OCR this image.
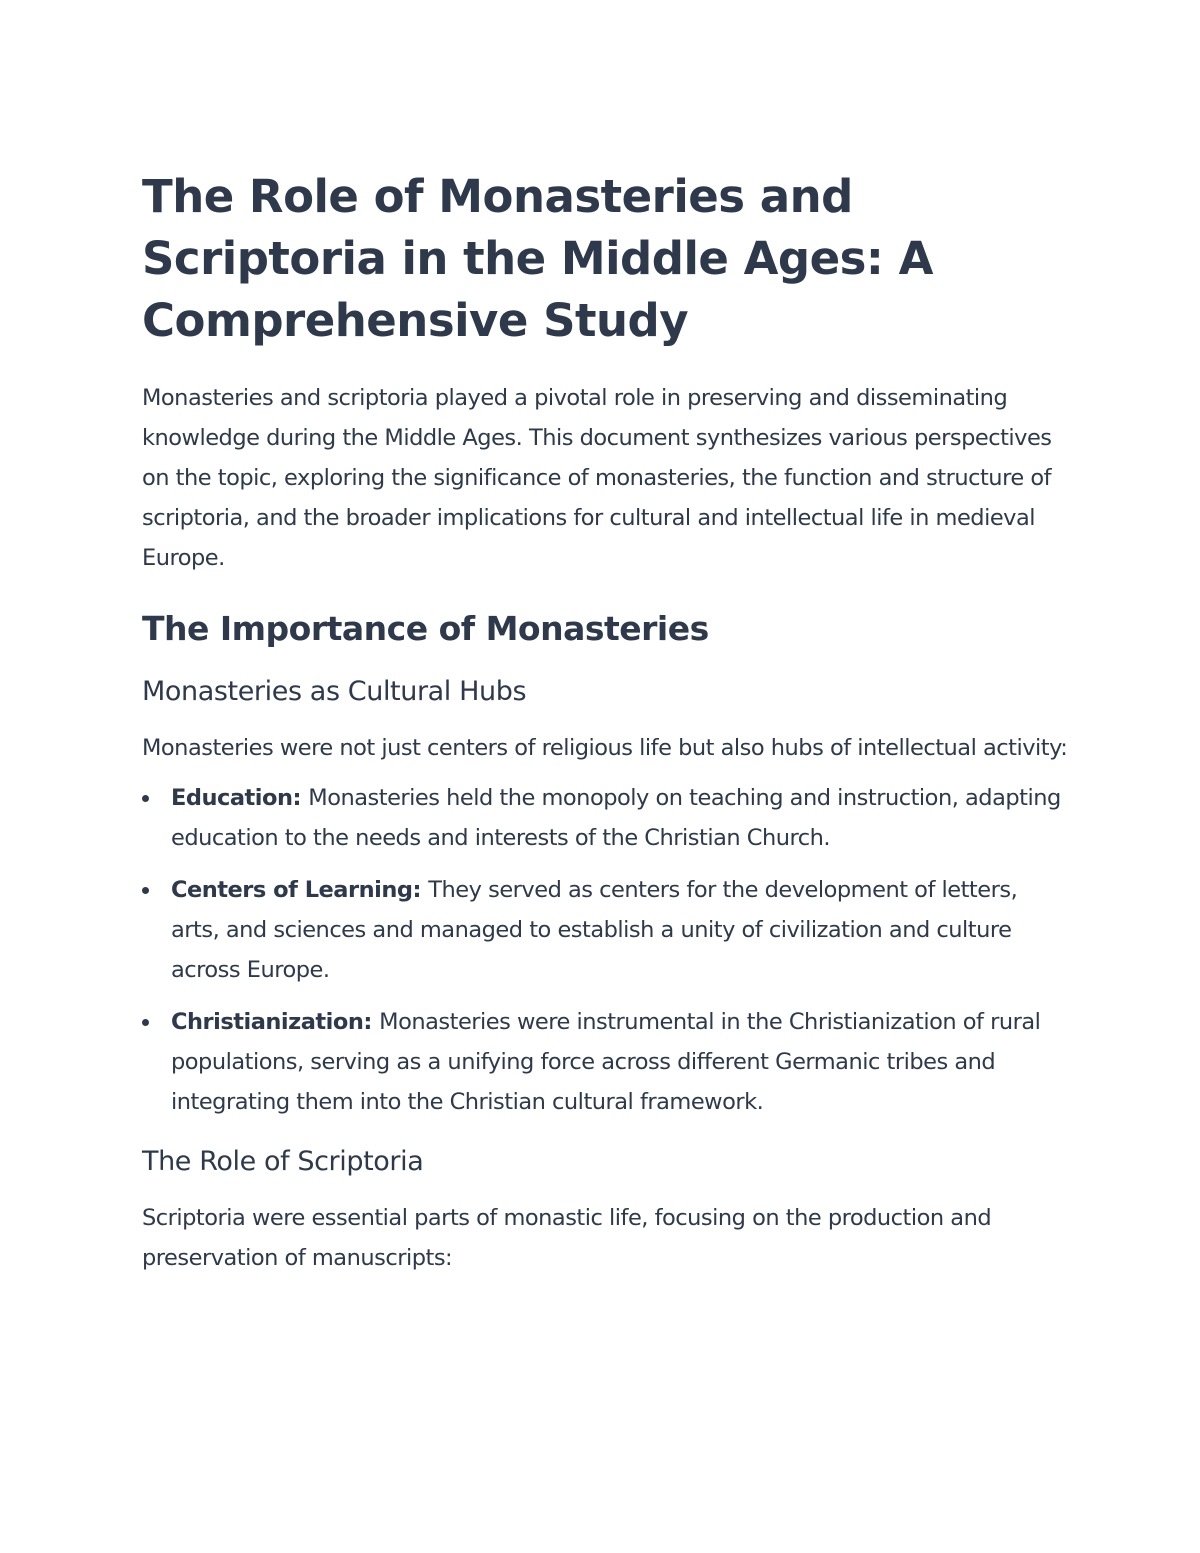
The Role of Monasteries and Scriptoria in the Middle Ages: A Comprehensive Study

Monasteries and scriptoria played a pivotal role in preserving and disseminating knowledge during the Middle Ages. This document synthesizes various perspectives on the topic, exploring the significance of monasteries, the function and structure of scriptoria, and the broader implications for cultural and intellectual life in medieval Europe.

The Importance of Monasteries
Monasteries as Cultural Hubs

Monasteries were not just centers of religious life but also hubs of intellectual activity:

Education: Monasteries held the monopoly on teaching and instruction, adapting education to the needs and interests of the Christian Church.
Centers of Learning: They served as centers for the development of letters, arts, and sciences and managed to establish a unity of civilization and culture across Europe.
Christianization: Monasteries were instrumental in the Christianization of rural populations, serving as a unifying force across different Germanic tribes and integrating them into the Christian cultural framework.
The Role of Scriptoria

Scriptoria were essential parts of monastic life, focusing on the production and preservation of manuscripts:
